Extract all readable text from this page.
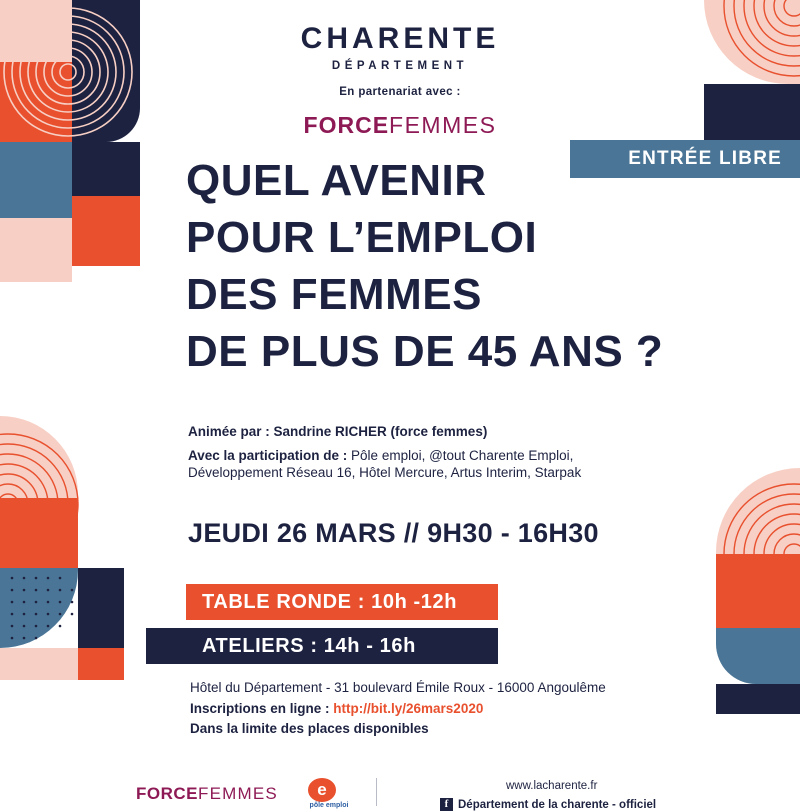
CHARENTE
DÉPARTEMENT
En partenariat avec :
FORCEFEMMES
ENTRÉE LIBRE
QUEL AVENIR
POUR L’EMPLOI
DES FEMMES
DE PLUS DE 45 ANS ?
Animée par : Sandrine RICHER (force femmes)
Avec la participation de : Pôle emploi, @tout Charente Emploi,
Développement Réseau 16, Hôtel Mercure, Artus Interim, Starpak
JEUDI 26 MARS // 9H30 - 16H30
TABLE RONDE : 10h -12h
ATELIERS : 14h - 16h
Hôtel du Département - 31 boulevard Émile Roux - 16000 Angoulême
Inscriptions en ligne : http://bit.ly/26mars2020
Dans la limite des places disponibles
FORCEFEMMES	e
pôle emploi
www.lacharente.fr
f Département de la charente - officiel
